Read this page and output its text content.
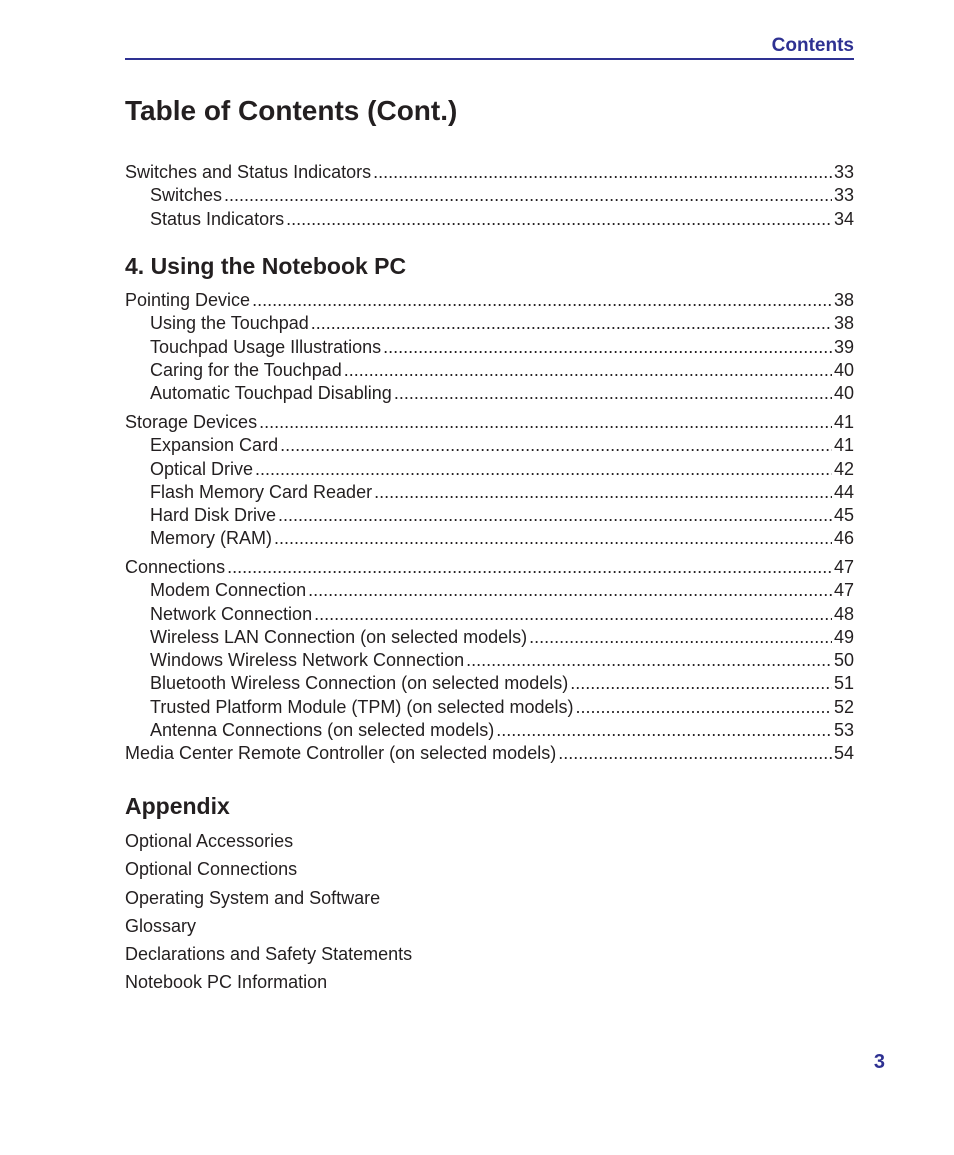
Contents
Table of Contents (Cont.)
Switches and Status Indicators .....	33
Switches .....	33
Status Indicators .....	34
4. Using the Notebook PC
Pointing Device .....	38
Using the Touchpad .....	38
Touchpad Usage Illustrations .....	39
Caring for the Touchpad .....	40
Automatic Touchpad Disabling .....	40
Storage Devices .....	41
Expansion Card .....	41
Optical Drive .....	42
Flash Memory Card Reader .....	44
Hard Disk Drive .....	45
Memory (RAM) .....	46
Connections .....	47
Modem Connection .....	47
Network Connection .....	48
Wireless LAN Connection (on selected models) .....	49
Windows Wireless Network Connection .....	50
Bluetooth Wireless Connection (on selected models) .....	51
Trusted Platform Module (TPM) (on selected models) .....	52
Antenna Connections (on selected models) .....	53
Media Center Remote Controller (on selected models) .....	54
Appendix
Optional Accessories
Optional Connections
Operating System and Software
Glossary
Declarations and Safety Statements
Notebook PC Information
3
